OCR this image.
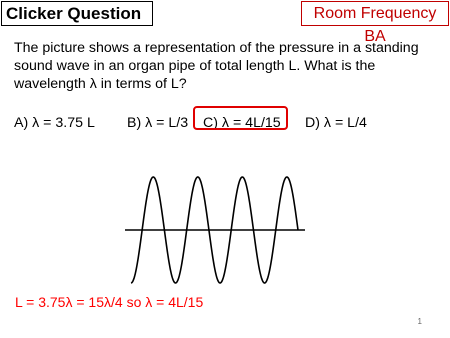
Clicker Question	Room Frequency BA
The picture shows a representation of the pressure in a standing sound wave in an organ pipe of total length L. What is the wavelength λ in terms of L?
A) λ = 3.75 L B) λ = L/3 C) λ = 4L/15 D) λ = L/4
L = 3.75λ = 15λ/4 so λ = 4L/15
1
